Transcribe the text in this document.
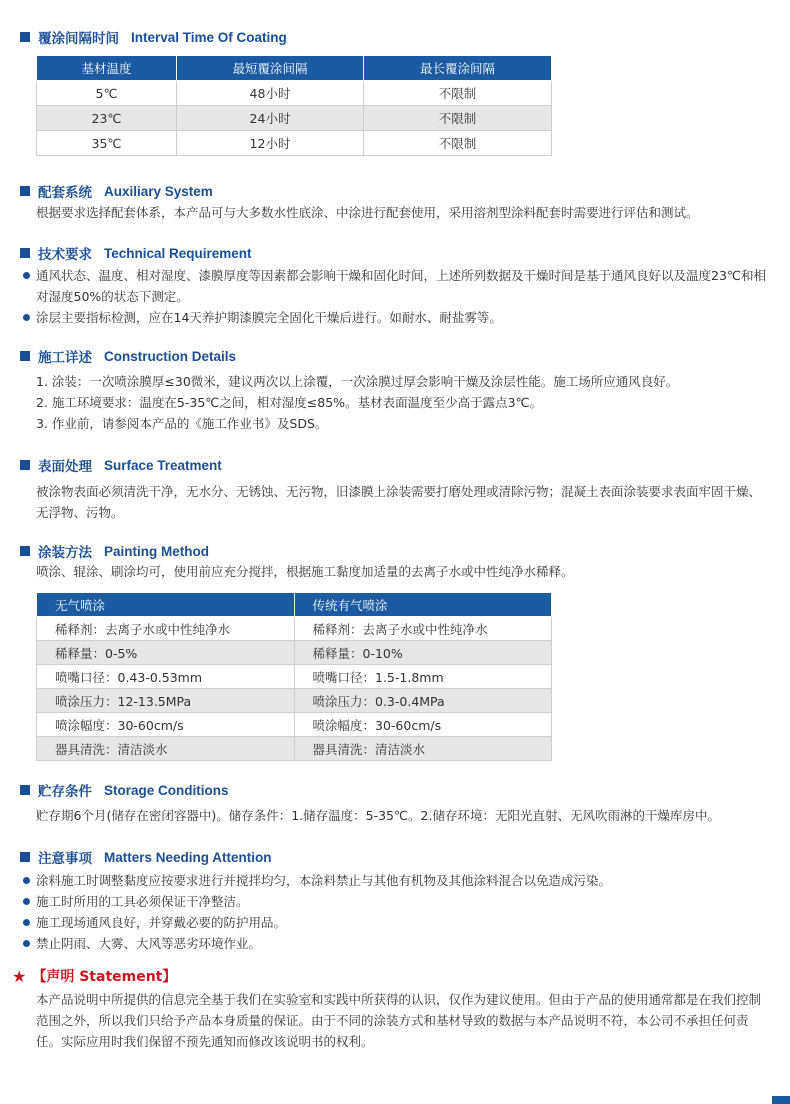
覆涂间隔时间 Interval Time Of Coating
基材温度	最短覆涂间隔	最长覆涂间隔
5℃	48小时	不限制
23℃	24小时	不限制
35℃	12小时	不限制
配套系统 Auxiliary System
根据要求选择配套体系，本产品可与大多数水性底涂、中涂进行配套使用，采用溶剂型涂料配套时需要进行评估和测试。
技术要求 Technical Requirement
通风状态、温度、相对湿度、漆膜厚度等因素都会影响干燥和固化时间，上述所列数据及干燥时间是基于通风良好以及温度23℃和相对湿度50%的状态下测定。
涂层主要指标检测，应在14天养护期漆膜完全固化干燥后进行。如耐水、耐盐雾等。
施工详述 Construction Details
1. 涂装：一次喷涂膜厚≤30微米，建议两次以上涂覆，一次涂膜过厚会影响干燥及涂层性能。施工场所应通风良好。
2. 施工环境要求：温度在5-35℃之间，相对湿度≤85%。基材表面温度至少高于露点3℃。
3. 作业前，请参阅本产品的《施工作业书》及SDS。
表面处理 Surface Treatment
被涂物表面必须清洗干净，无水分、无锈蚀、无污物，旧漆膜上涂装需要打磨处理或清除污物；混凝土表面涂装要求表面牢固干燥、无浮物、污物。
涂装方法 Painting Method
喷涂、辊涂、刷涂均可，使用前应充分搅拌，根据施工黏度加适量的去离子水或中性纯净水稀释。
无气喷涂	传统有气喷涂
稀释剂：去离子水或中性纯净水	稀释剂：去离子水或中性纯净水
稀释量：0-5%	稀释量：0-10%
喷嘴口径：0.43-0.53mm	喷嘴口径：1.5-1.8mm
喷涂压力：12-13.5MPa	喷涂压力：0.3-0.4MPa
喷涂幅度：30-60cm/s	喷涂幅度：30-60cm/s
器具清洗：清洁淡水	器具清洗：清洁淡水
贮存条件 Storage Conditions
贮存期6个月(储存在密闭容器中)。储存条件：1.储存温度：5-35℃。2.储存环境：无阳光直射、无风吹雨淋的干燥库房中。
注意事项 Matters Needing Attention
涂料施工时调整黏度应按要求进行并搅拌均匀，本涂料禁止与其他有机物及其他涂料混合以免造成污染。
施工时所用的工具必须保证干净整洁。
施工现场通风良好，并穿戴必要的防护用品。
禁止阴雨、大雾、大风等恶劣环境作业。
★ 【声明 Statement】
本产品说明中所提供的信息完全基于我们在实验室和实践中所获得的认识，仅作为建议使用。但由于产品的使用通常都是在我们控制范围之外，所以我们只给予产品本身质量的保证。由于不同的涂装方式和基材导致的数据与本产品说明不符，本公司不承担任何责任。实际应用时我们保留不预先通知而修改该说明书的权利。
